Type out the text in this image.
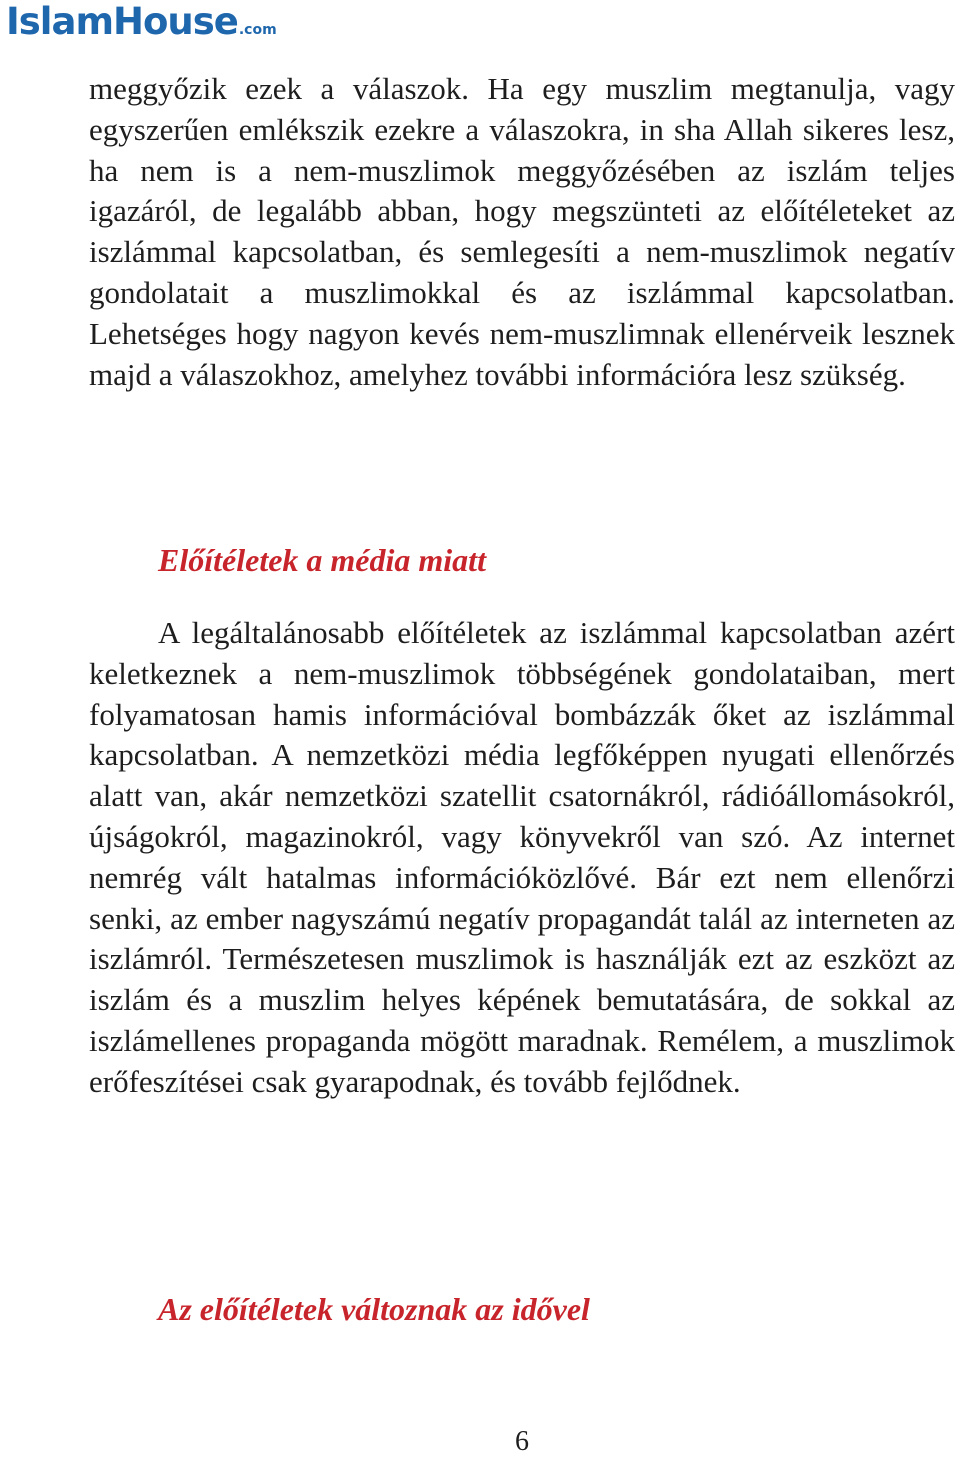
IslamHouse.com

meggyőzik ezek a válaszok. Ha egy muszlim megtanulja, vagy egyszerűen emlékszik ezekre a válaszokra, in sha Allah sikeres lesz, ha nem is a nem-muszlimok meggyőzésében az iszlám teljes igazáról, de legalább abban, hogy megszünteti az előítéleteket az iszlámmal kapcsolatban, és semlegesíti a nem-muszlimok negatív gondolatait a muszlimokkal és az iszlámmal kapcsolatban. Lehetséges hogy nagyon kevés nem-muszlimnak ellenérveik lesznek majd a válaszokhoz, amelyhez további információra lesz szükség.

Előítéletek a média miatt

A legáltalánosabb előítéletek az iszlámmal kapcsolatban azért keletkeznek a nem-muszlimok többségének gondolataiban, mert folyamatosan hamis információval bombázzák őket az iszlámmal kapcsolatban. A nemzetközi média legfőképpen nyugati ellenőrzés alatt van, akár nemzetközi szatellit csatornákról, rádióállomásokról, újságokról, magazinokról, vagy könyvekről van szó. Az internet nemrég vált hatalmas információközlővé. Bár ezt nem ellenőrzi senki, az ember nagyszámú negatív propagandát talál az interneten az iszlámról. Természetesen muszlimok is használják ezt az eszközt az iszlám és a muszlim helyes képének bemutatására, de sokkal az iszlámellenes propaganda mögött maradnak. Remélem, a muszlimok erőfeszítései csak gyarapodnak, és tovább fejlődnek.

Az előítéletek változnak az idővel
6
